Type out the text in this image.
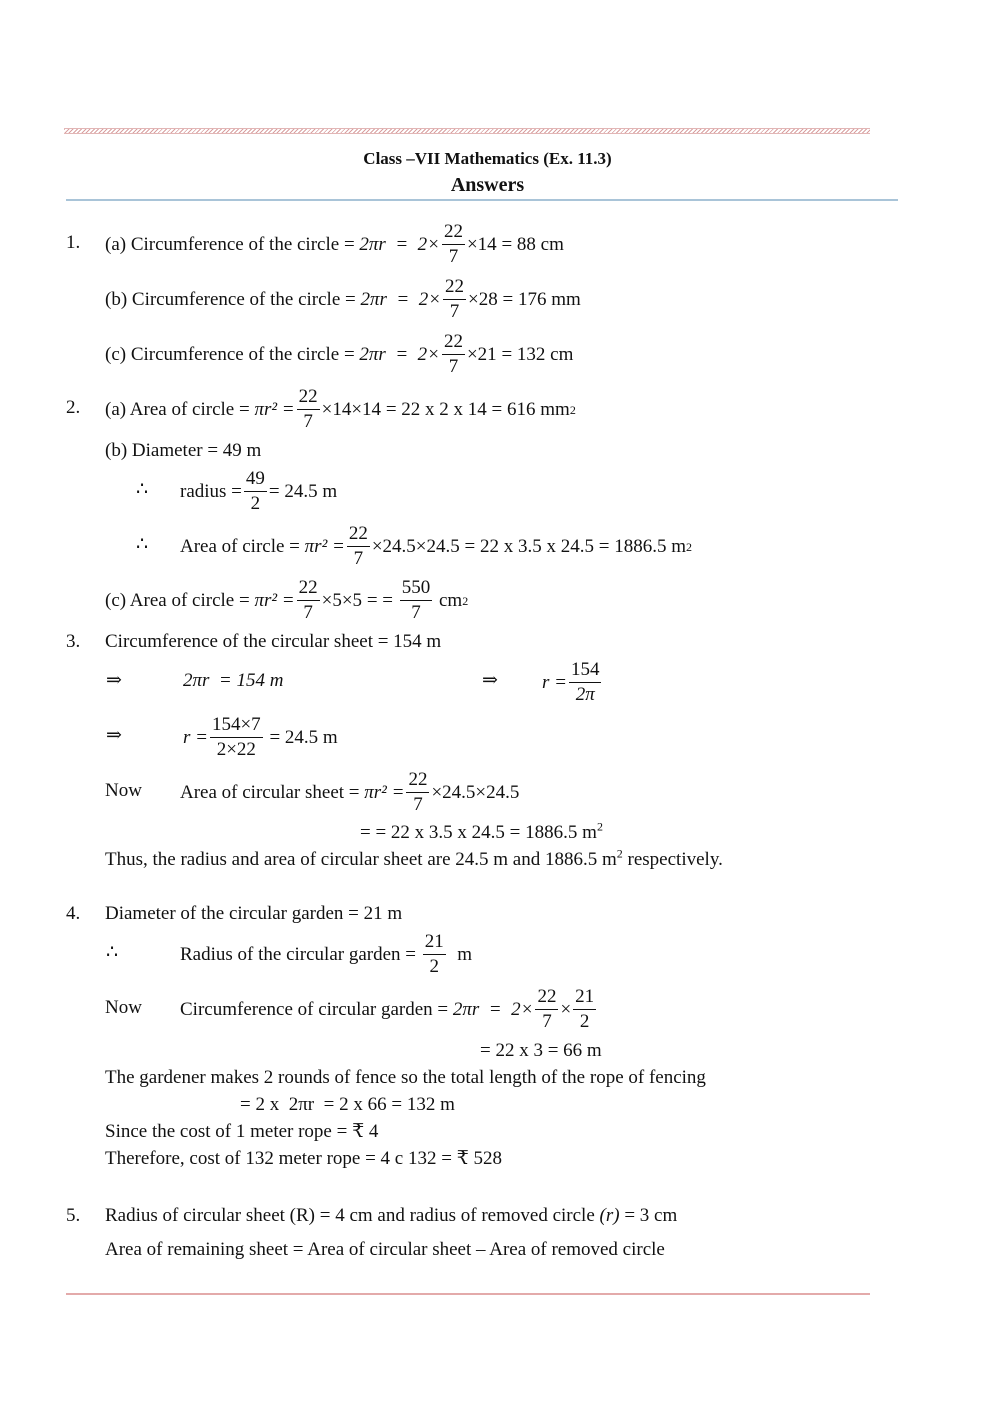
Class –VII Mathematics (Ex. 11.3)
Answers
1. (a) Circumference of the circle =
$2\pi r = 2\times \frac{22}{7} \times 14$
= 88 cm
(b) Circumference of the circle =
$2\pi r = 2\times \frac{22}{7} \times 28$
= 176 mm
(c) Circumference of the circle =
$2\pi r = 2\times \frac{22}{7} \times 21$
= 132 cm
2. (a) Area of circle =
$\pi r^2 = \frac{22}{7} \times 14\times 14$
= 22 x 2 x 14 = 616 mm 2
(b) Diameter = 49 m
∴ radius = $\frac{49}{2} = 24.5$ m
∴ Area of circle =
$\pi r^2 = \frac{22}{7} \times 24.5\times 24.5$
= 22 x 3.5 x 24.5 = 1886.5 m 2
(c) Area of circle =
$\pi r^2 = \frac{22}{7} \times 5\times 5$
= =
$\frac{550}{7}$
cm 2
3. Circumference of the circular sheet = 154 m
⇒	2πr  = 154 m	⇒ $r = \frac{154}{2\pi}$
⇒	$r = \frac{154\times 7}{2\times 22}$
= 24.5 m
Now Area of circular sheet =
$\pi r^2 = \frac{22}{7} \times 24.5\times 24.5$
= = 22 x 3.5 x 24.5 = 1886.5 $m^2$
Thus, the radius and area of circular sheet are 24.5 m and 1886.5 $m^2$ respectively.
4. Diameter of the circular garden = 21 m
∴	Radius of the circular garden =
$\frac{21}{2}$
m
Now Circumference of circular garden =
$2\pi r = 2\times \frac{22}{7} \times \frac{21}{2}$
= 22 x 3 = 66 m
The gardener makes 2 rounds of fence so the total length of the rope of fencing
= 2 x  2πr  = 2 x 66 = 132 m
Since the cost of 1 meter rope = ₹ 4
Therefore, cost of 132 meter rope = 4 c 132 = ₹ 528
5. Radius of circular sheet (R) = 4 cm and radius of removed circle
(r)
= 3 cm
Area of remaining sheet = Area of circular sheet – Area of removed circle
